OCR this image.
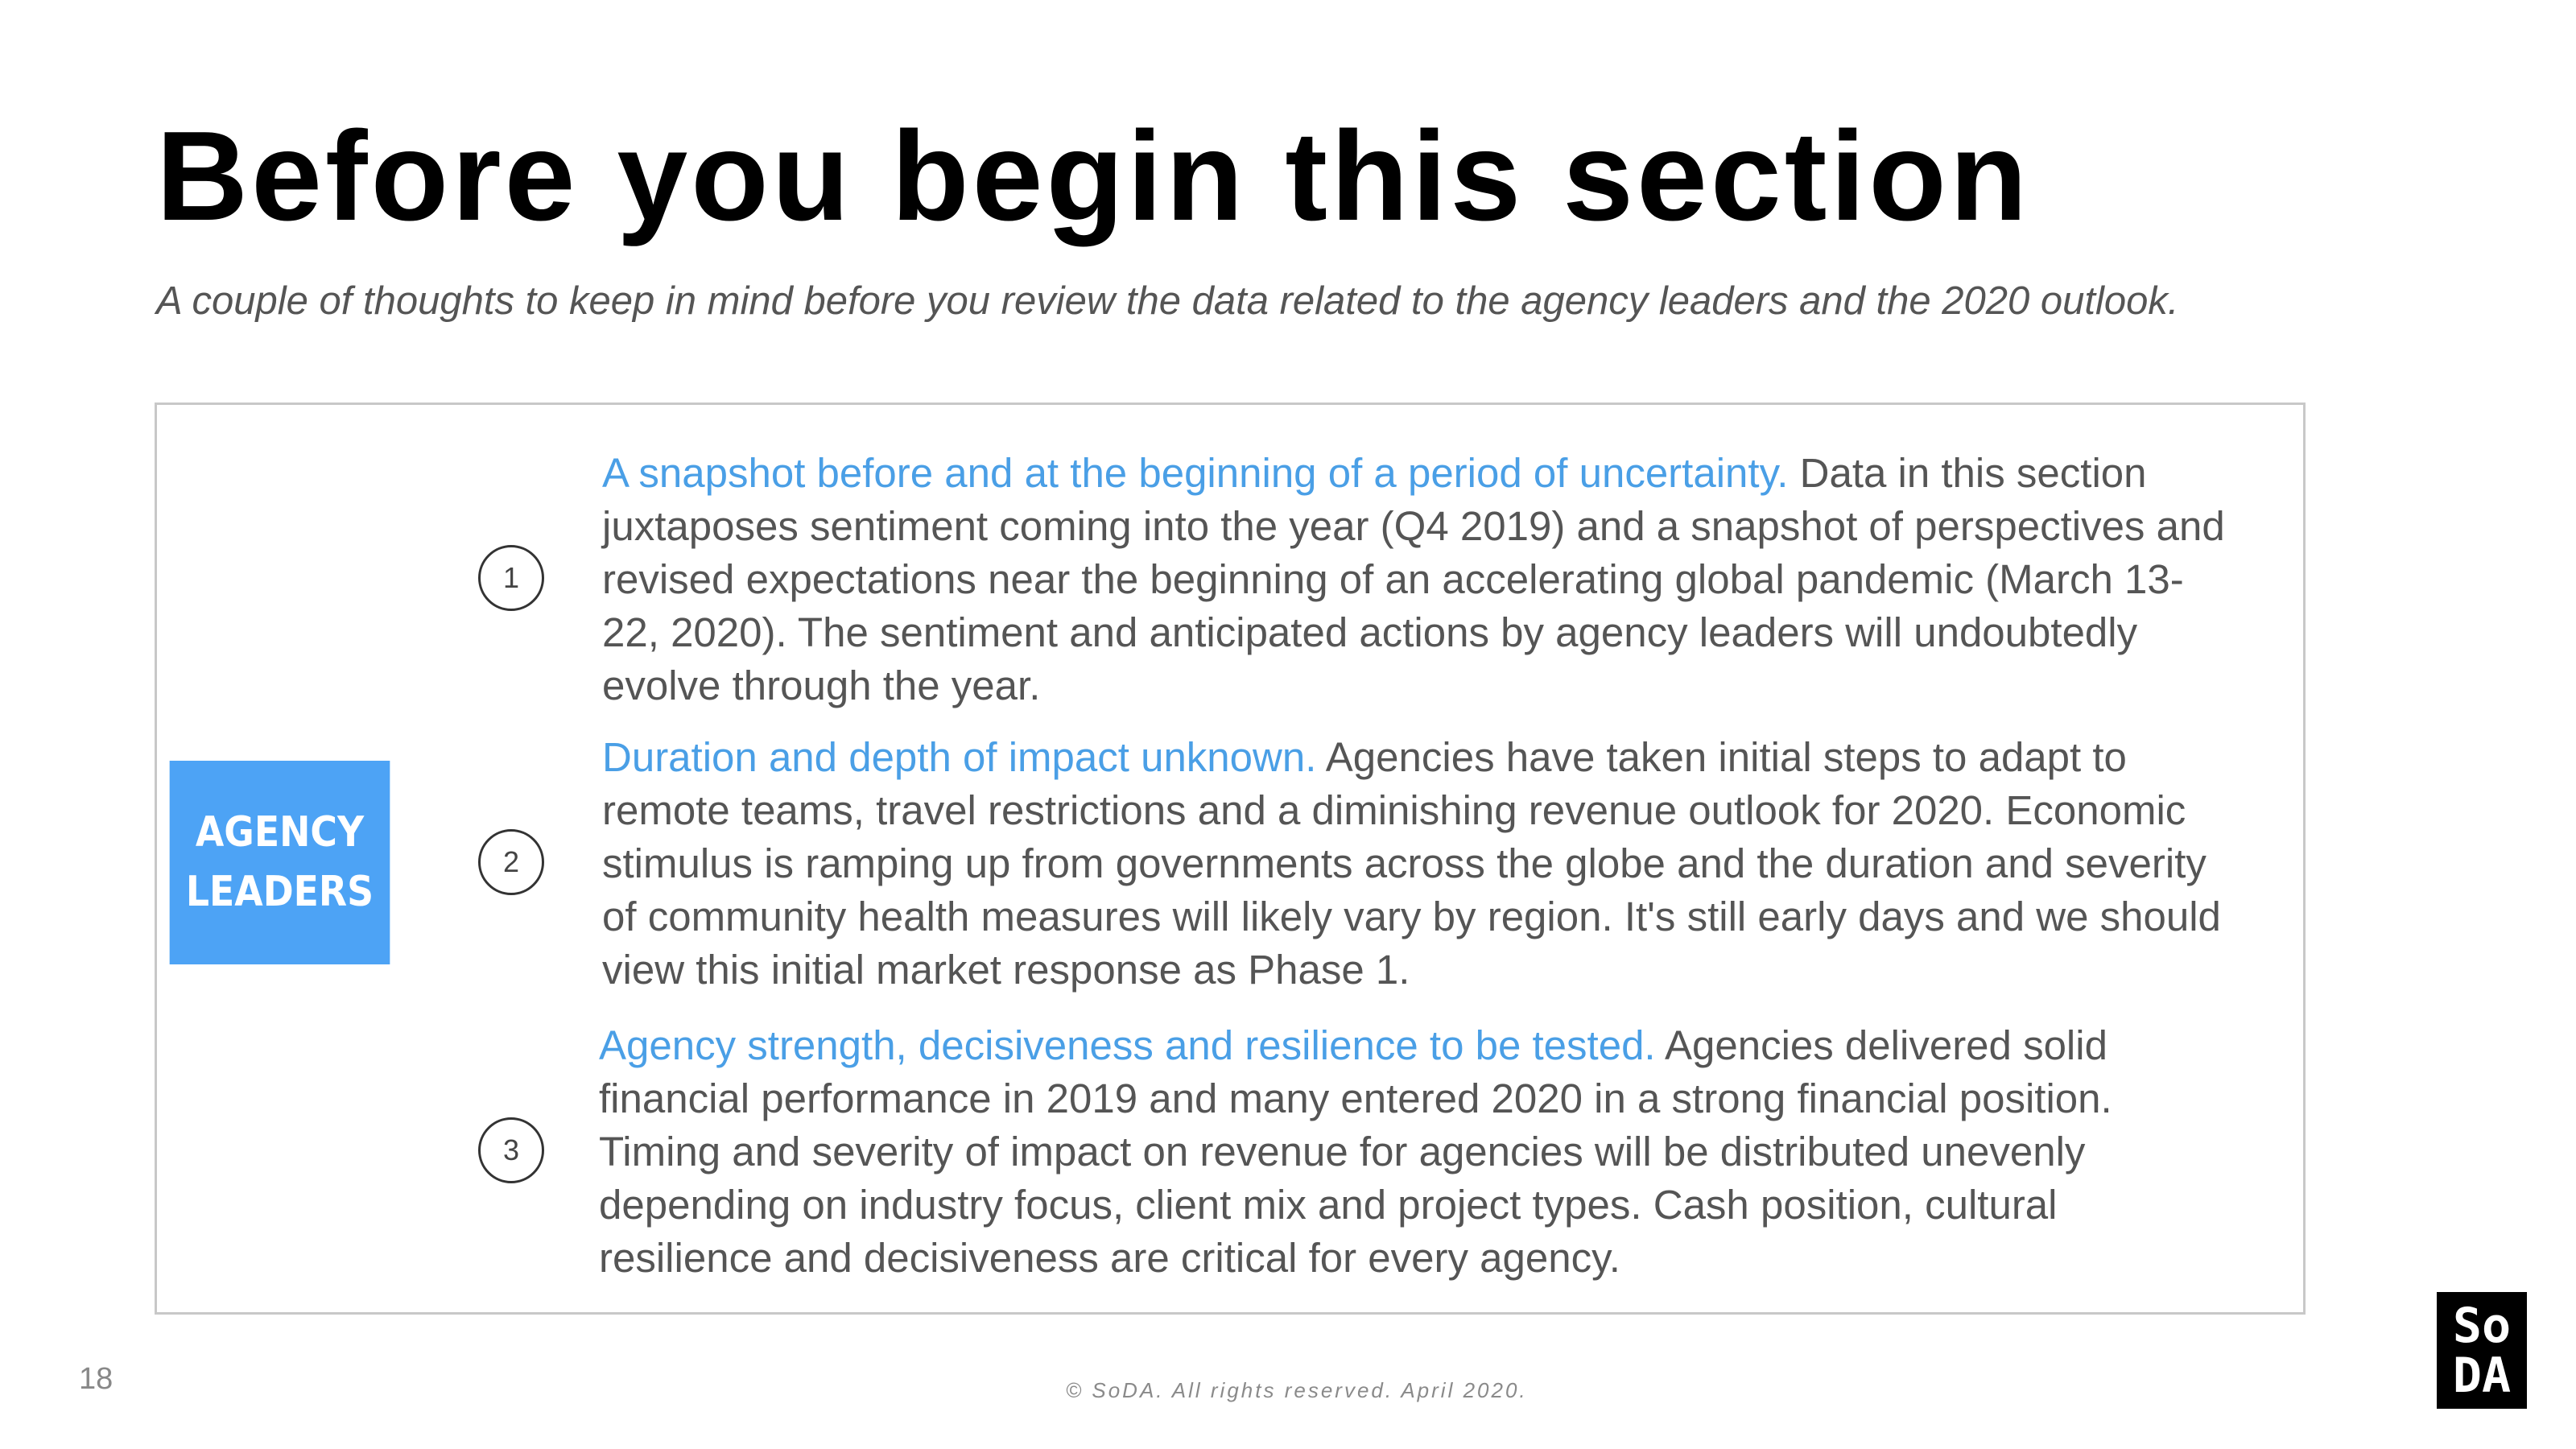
Before you begin this section
A couple of thoughts to keep in mind before you review the data related to the agency leaders and the 2020 outlook.
AGENCY
LEADERS
1

A snapshot before and at the beginning of a period of uncertainty. Data in this section juxtaposes sentiment coming into the year (Q4 2019) and a snapshot of perspectives and revised expectations near the beginning of an accelerating global pandemic (March 13-22, 2020). The sentiment and anticipated actions by agency leaders will undoubtedly evolve through the year.

2

Duration and depth of impact unknown. Agencies have taken initial steps to adapt to remote teams, travel restrictions and a diminishing revenue outlook for 2020. Economic stimulus is ramping up from governments across the globe and the duration and severity of community health measures will likely vary by region. It's still early days and we should view this initial market response as Phase 1.

3

Agency strength, decisiveness and resilience to be tested. Agencies delivered solid financial performance in 2019 and many entered 2020 in a strong financial position. Timing and severity of impact on revenue for agencies will be distributed unevenly depending on industry focus, client mix and project types. Cash position, cultural resilience and decisiveness are critical for every agency.

18	© SoDA. All rights reserved. April 2020.
So
DA
